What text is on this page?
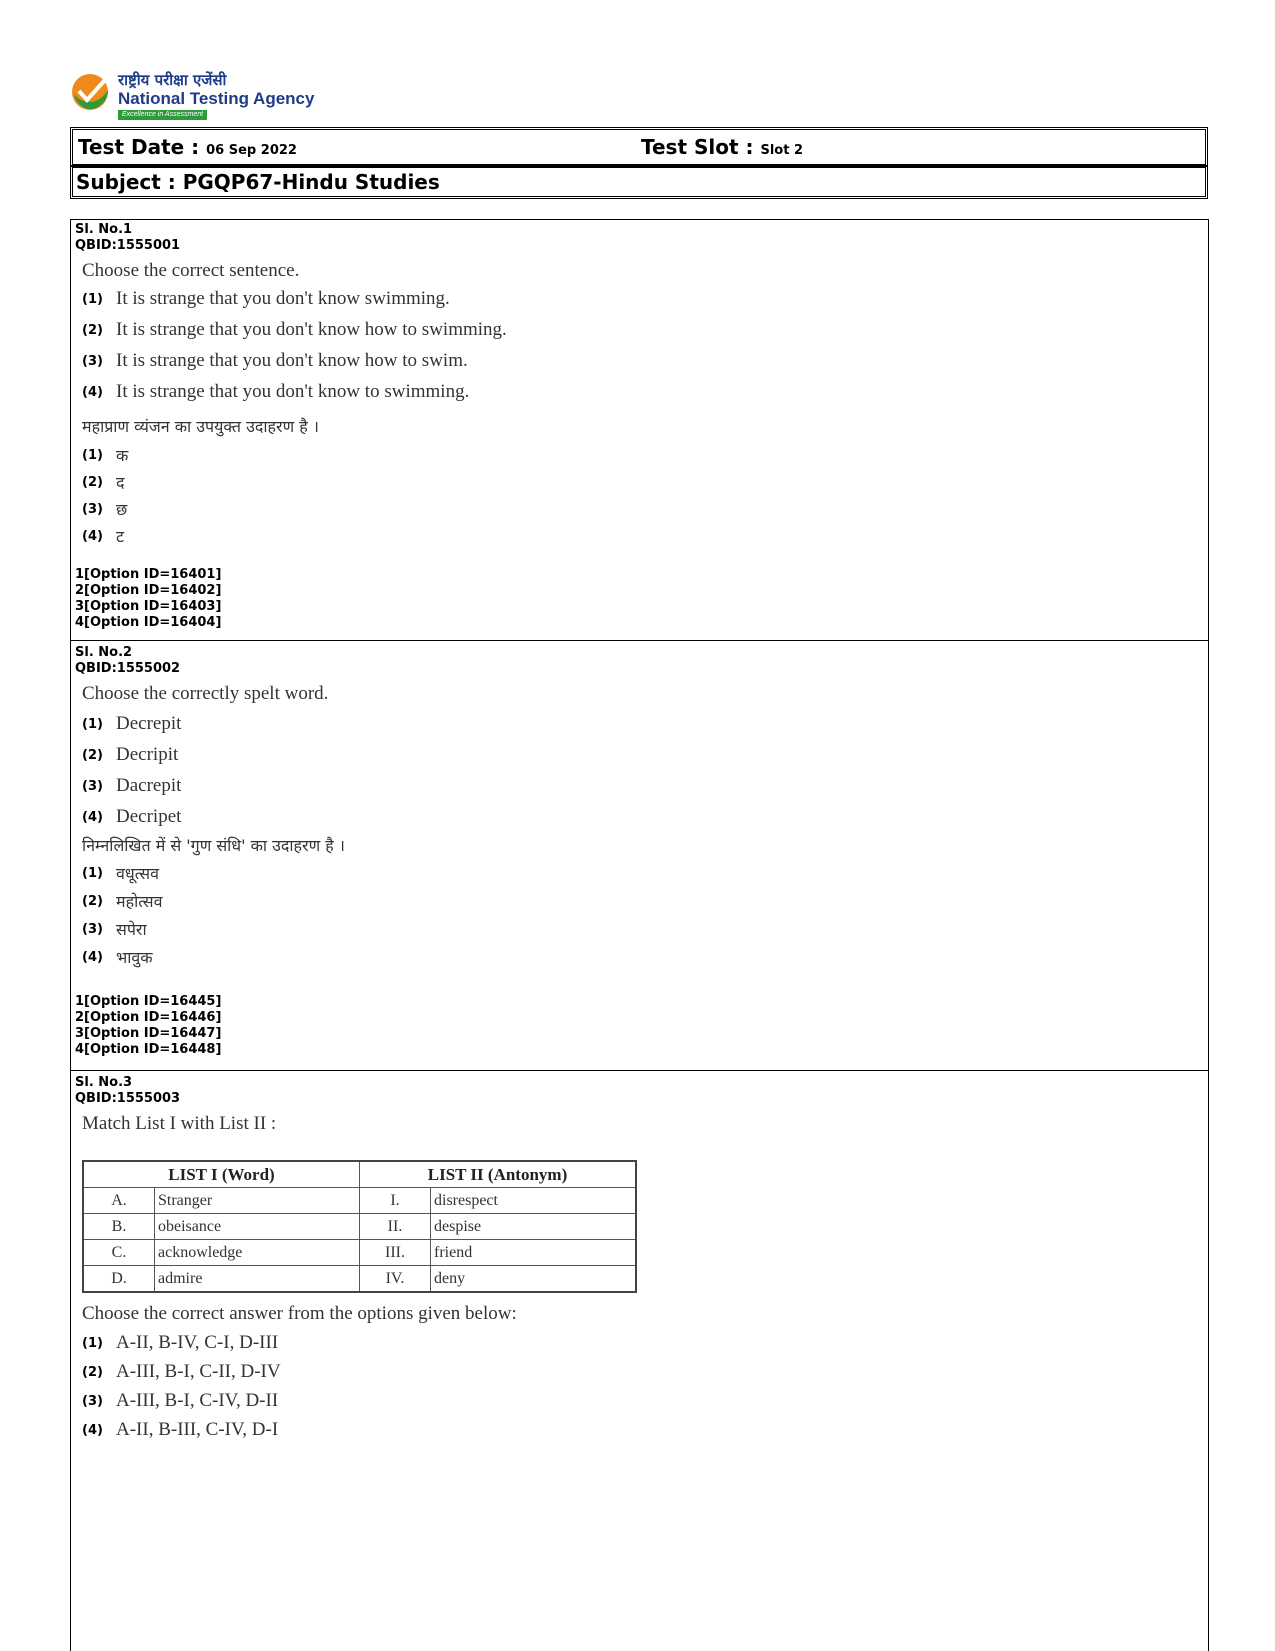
राष्ट्रीय परीक्षा एजेंसी
National Testing Agency
Excellence in Assessment
Test Date : 06 Sep 2022	Test Slot : Slot 2
Subject : PGQP67-Hindu Studies
Sl. No.1
QBID:1555001
Choose the correct sentence.
(1) It is strange that you don't know swimming.
(2) It is strange that you don't know how to swimming.
(3) It is strange that you don't know how to swim.
(4) It is strange that you don't know to swimming.
महाप्राण व्यंजन का उपयुक्त उदाहरण है ।
(1) क
(2) द
(3) छ
(4) ट
1[Option ID=16401]
2[Option ID=16402]
3[Option ID=16403]
4[Option ID=16404]
Sl. No.2
QBID:1555002
Choose the correctly spelt word.
(1) Decrepit
(2) Decripit
(3) Dacrepit
(4) Decripet
निम्नलिखित में से 'गुण संधि' का उदाहरण है ।
(1) वधूत्सव
(2) महोत्सव
(3) सपेरा
(4) भावुक
1[Option ID=16445]
2[Option ID=16446]
3[Option ID=16447]
4[Option ID=16448]
Sl. No.3
QBID:1555003
Match List I with List II :
LIST I (Word)		LIST II (Antonym)	
A.	Stranger	I.	disrespect
B.	obeisance	II.	despise
C.	acknowledge	III.	friend
D.	admire	IV.	deny
Choose the correct answer from the options given below:
(1) A-II, B-IV, C-I, D-III
(2) A-III, B-I, C-II, D-IV
(3) A-III, B-I, C-IV, D-II
(4) A-II, B-III, C-IV, D-I
